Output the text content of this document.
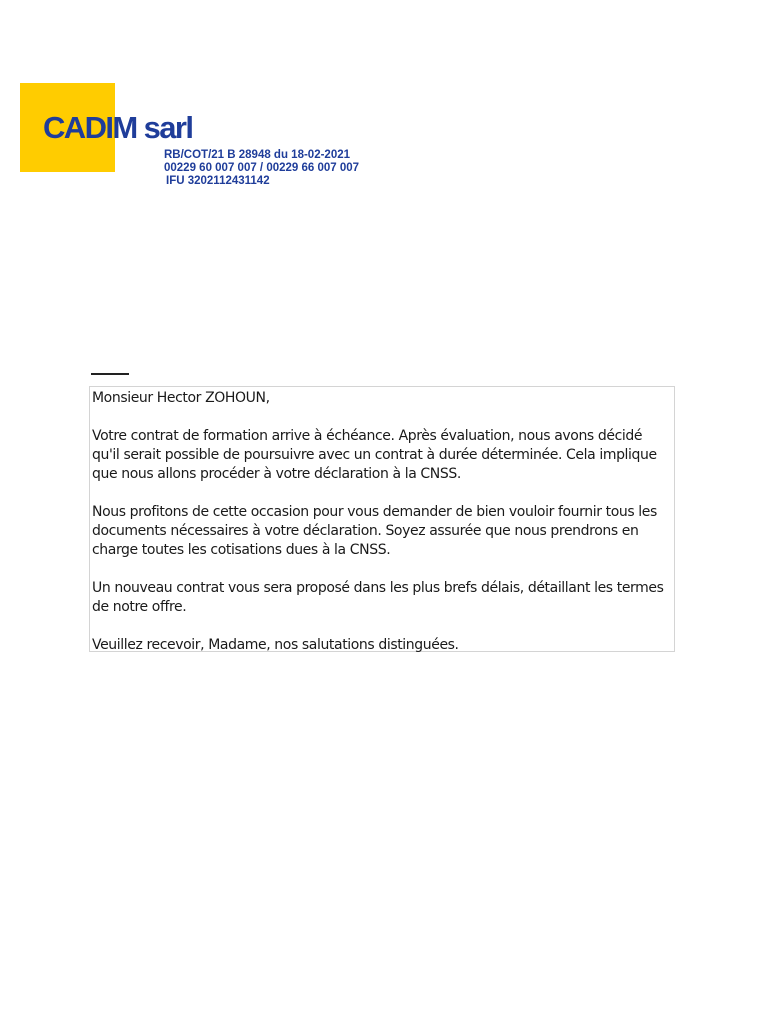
CADIM sarl
RB/COT/21 B 28948 du 18-02-2021
00229 60 007 007 / 00229 66 007 007
IFU 3202112431142

Monsieur Hector ZOHOUN,

Votre contrat de formation arrive à échéance. Après évaluation, nous avons décidé qu'il serait possible de poursuivre avec un contrat à durée déterminée. Cela implique que nous allons procéder à votre déclaration à la CNSS.

Nous profitons de cette occasion pour vous demander de bien vouloir fournir tous les documents nécessaires à votre déclaration. Soyez assurée que nous prendrons en charge toutes les cotisations dues à la CNSS.

Un nouveau contrat vous sera proposé dans les plus brefs délais, détaillant les termes de notre offre.

Veuillez recevoir, Madame, nos salutations distinguées.
